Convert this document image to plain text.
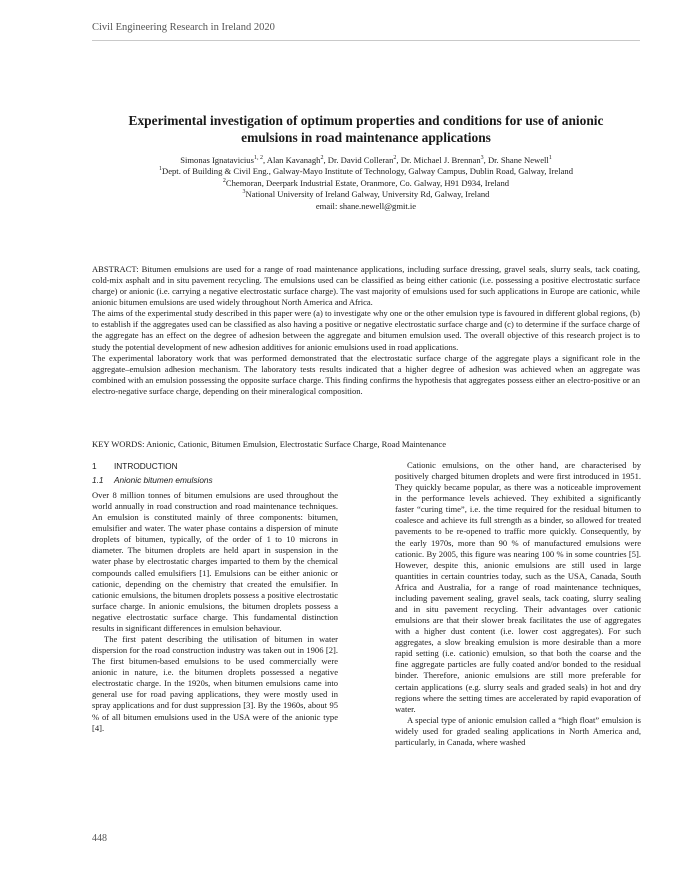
Civil Engineering Research in Ireland 2020
Experimental investigation of optimum properties and conditions for use of anionic
emulsions in road maintenance applications
Simonas Ignatavicius$^{1, 2}$, Alan Kavanagh$^2$, Dr. David Colleran$^2$, Dr. Michael J. Brennan$^3$, Dr. Shane Newell$^1$
$^1$Dept. of Building & Civil Eng., Galway-Mayo Institute of Technology, Galway Campus, Dublin Road, Galway, Ireland
$^2$Chemoran, Deerpark Industrial Estate, Oranmore, Co. Galway, H91 D934, Ireland
$^3$National University of Ireland Galway, University Rd, Galway, Ireland
email: shane.newell@gmit.ie

ABSTRACT: Bitumen emulsions are used for a range of road maintenance applications, including surface dressing, gravel seals, slurry seals, tack coating, cold-mix asphalt and in situ pavement recycling. The emulsions used can be classified as being either cationic (i.e. possessing a positive electrostatic surface charge) or anionic (i.e. carrying a negative electrostatic surface charge). The vast majority of emulsions used for such applications in Europe are cationic, while anionic bitumen emulsions are used widely throughout North America and Africa.

The aims of the experimental study described in this paper were (a) to investigate why one or the other emulsion type is favoured in different global regions, (b) to establish if the aggregates used can be classified as also having a positive or negative electrostatic surface charge and (c) to determine if the surface charge of the aggregate has an effect on the degree of adhesion between the aggregate and bitumen emulsion used. The overall objective of this research project is to study the potential development of new adhesion additives for anionic emulsions used in road applications.

The experimental laboratory work that was performed demonstrated that the electrostatic surface charge of the aggregate plays a significant role in the aggregate–emulsion adhesion mechanism. The laboratory tests results indicated that a higher degree of adhesion was achieved when an aggregate was combined with an emulsion possessing the opposite surface charge. This finding confirms the hypothesis that aggregates possess either an electro-positive or an electro-negative surface charge, depending on their mineralogical composition.

KEY WORDS: Anionic, Cationic, Bitumen Emulsion, Electrostatic Surface Charge, Road Maintenance
1 INTRODUCTION
1.1 Anionic bitumen emulsions

Over 8 million tonnes of bitumen emulsions are used throughout the world annually in road construction and road maintenance techniques. An emulsion is constituted mainly of three components: bitumen, emulsifier and water. The water phase contains a dispersion of minute droplets of bitumen, typically, of the order of 1 to 10 microns in diameter. The bitumen droplets are held apart in suspension in the water phase by electrostatic charges imparted to them by the chemical compounds called emulsifiers [1]. Emulsions can be either anionic or cationic, depending on the chemistry that created the emulsifier. In cationic emulsions, the bitumen droplets possess a positive electrostatic surface charge. In anionic emulsions, the bitumen droplets possess a negative electrostatic surface charge. This fundamental distinction results in significant differences in emulsion behaviour.

The first patent describing the utilisation of bitumen in water dispersion for the road construction industry was taken out in 1906 [2]. The first bitumen-based emulsions to be used commercially were anionic in nature, i.e. the bitumen droplets possessed a negative electrostatic charge. In the 1920s, when bitumen emulsions came into general use for road paving applications, they were mostly used in spray applications and for dust suppression [3]. By the 1960s, about 95 % of all bitumen emulsions used in the USA were of the anionic type [4].

Cationic emulsions, on the other hand, are characterised by positively charged bitumen droplets and were first introduced in 1951. They quickly became popular, as there was a noticeable improvement in the performance levels achieved. They exhibited a significantly faster “curing time”, i.e. the time required for the residual bitumen to coalesce and achieve its full strength as a binder, so allowed for treated pavements to be re-opened to traffic more quickly. Consequently, by the early 1970s, more than 90 % of manufactured emulsions were cationic. By 2005, this figure was nearing 100 % in some countries [5]. However, despite this, anionic emulsions are still used in large quantities in certain countries today, such as the USA, Canada, South Africa and Australia, for a range of road maintenance techniques, including pavement sealing, gravel seals, tack coating, slurry sealing and in situ pavement recycling. Their advantages over cationic emulsions are that their slower break facilitates the use of aggregates with a higher dust content (i.e. lower cost aggregates). For such aggregates, a slow breaking emulsion is more desirable than a more rapid setting (i.e. cationic) emulsion, so that both the coarse and the fine aggregate particles are fully coated and/or bonded to the residual binder. Therefore, anionic emulsions are still more preferable for certain applications (e.g. slurry seals and graded seals) in hot and dry regions where the setting times are accelerated by rapid evaporation of water.

A special type of anionic emulsion called a “high float” emulsion is widely used for graded sealing applications in North America and, particularly, in Canada, where washed

448
